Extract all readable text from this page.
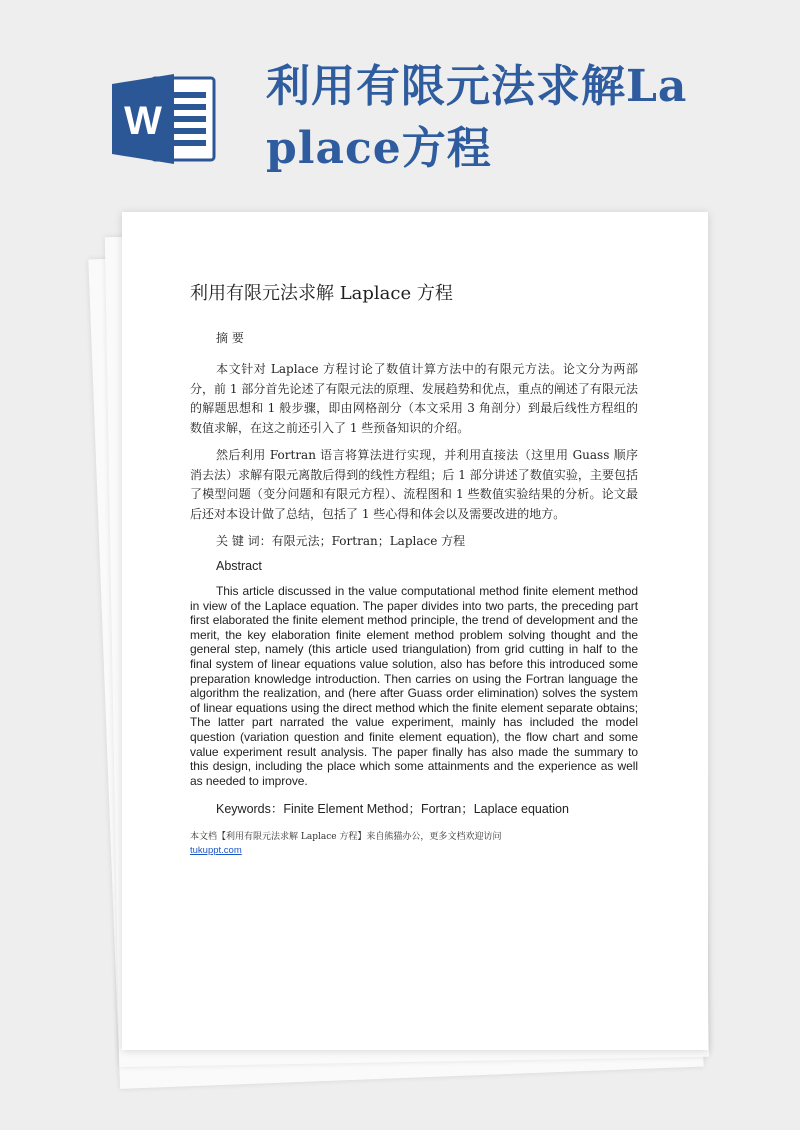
W
利用有限元法求解La
place方程
利用有限元法求解 Laplace 方程

摘 要

本文针对 Laplace 方程讨论了数值计算方法中的有限元方法。论文分为两部分，前 1 部分首先论述了有限元法的原理、发展趋势和优点，重点的阐述了有限元法的解题思想和 1 般步骤，即由网格剖分（本文采用 3 角剖分）到最后线性方程组的数值求解，在这之前还引入了 1 些预备知识的介绍。

然后利用 Fortran 语言将算法进行实现，并利用直接法（这里用 Guass 顺序消去法）求解有限元离散后得到的线性方程组；后 1 部分讲述了数值实验，主要包括了模型问题（变分问题和有限元方程）、流程图和 1 些数值实验结果的分析。论文最后还对本设计做了总结，包括了 1 些心得和体会以及需要改进的地方。

关 键 词：有限元法；Fortran；Laplace 方程

Abstract

This article discussed in the value computational method finite element method in view of the Laplace equation. The paper divides into two parts, the preceding part first elaborated the finite element method principle, the trend of development and the merit, the key elaboration finite element method problem solving thought and the general step, namely (this article used triangulation) from grid cutting in half to the final system of linear equations value solution, also has before this introduced some preparation knowledge introduction. Then carries on using the Fortran language the algorithm the realization, and (here after Guass order elimination) solves the system of linear equations using the direct method which the finite element separate obtains; The latter part narrated the value experiment, mainly has included the model question (variation question and finite element equation), the flow chart and some value experiment result analysis. The paper finally has also made the summary to this design, including the place which some attainments and the experience as well as needed to improve.

Keywords：Finite Element Method；Fortran；Laplace equation

本文档【利用有限元法求解 Laplace 方程】来自熊猫办公，更多文档欢迎访问

tukuppt.com
